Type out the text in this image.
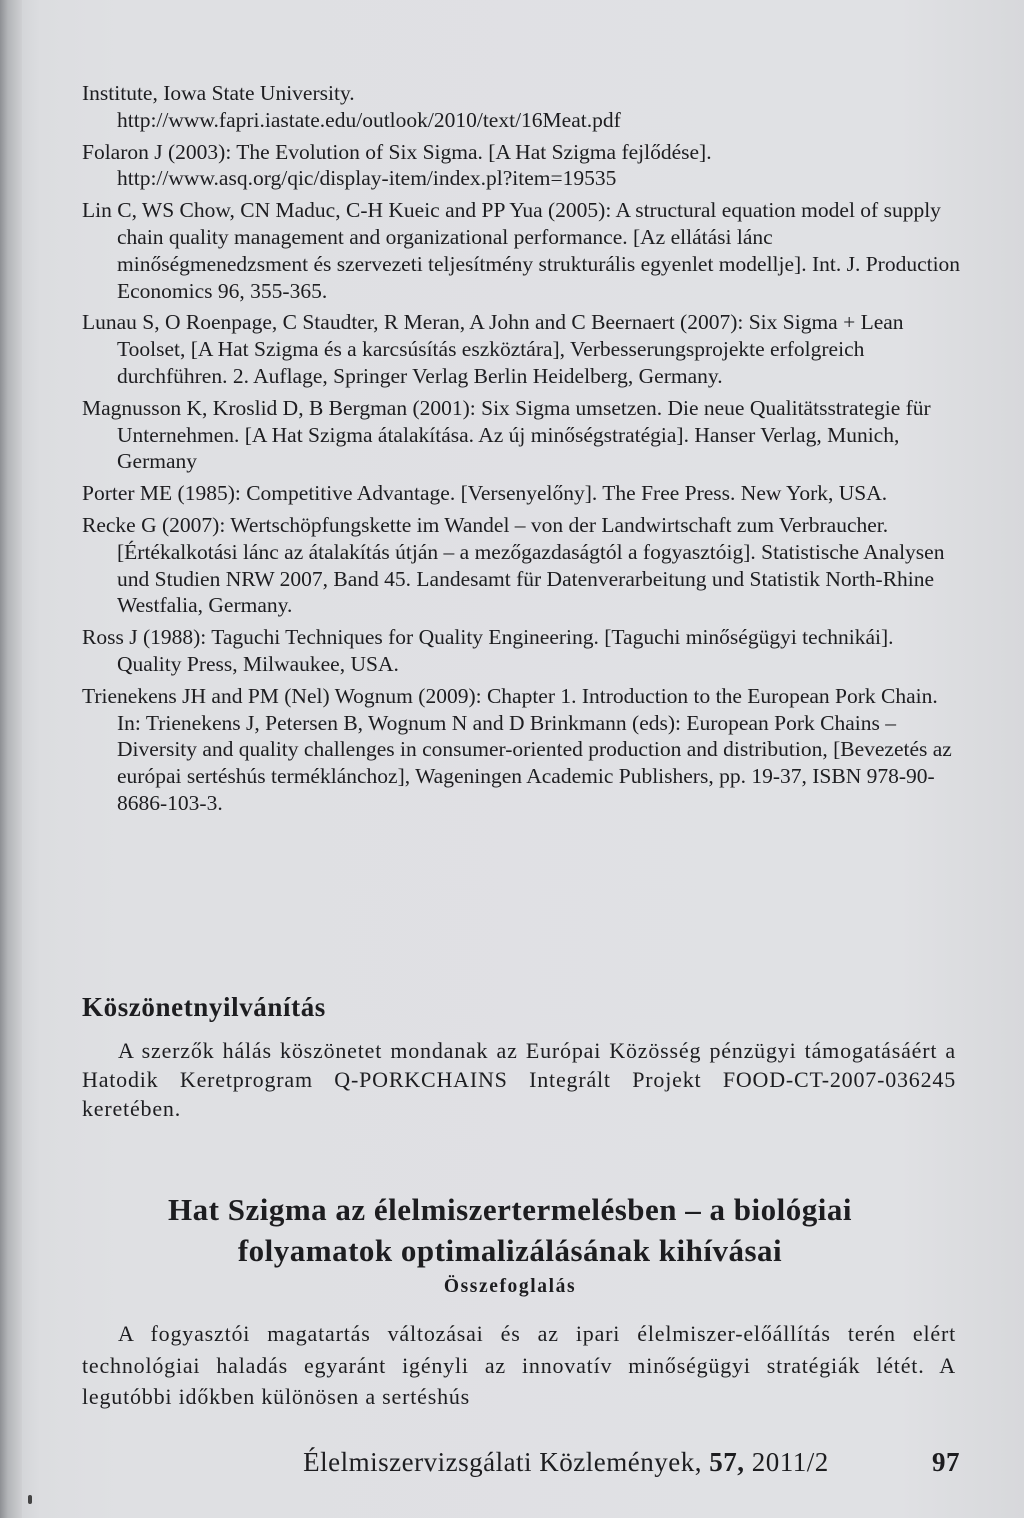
Institute, Iowa State University.
http://www.fapri.iastate.edu/outlook/2010/text/16Meat.pdf

Folaron J (2003): The Evolution of Six Sigma. [A Hat Szigma fejlődése].
http://www.asq.org/qic/display-item/index.pl?item=19535

Lin C, WS Chow, CN Maduc, C-H Kueic and PP Yua (2005): A structural equation model of supply chain quality management and organizational performance. [Az ellátási lánc minőségmenedzsment és szervezeti teljesítmény strukturális egyenlet modellje]. Int. J. Production Economics 96, 355-365.

Lunau S, O Roenpage, C Staudter, R Meran, A John and C Beernaert (2007): Six Sigma + Lean Toolset, [A Hat Szigma és a karcsúsítás eszköztára], Verbesserungsprojekte erfolgreich durchführen. 2. Auflage, Springer Verlag Berlin Heidelberg, Germany.

Magnusson K, Kroslid D, B Bergman (2001): Six Sigma umsetzen. Die neue Qualitätsstrategie für Unternehmen. [A Hat Szigma átalakítása. Az új minőségstratégia]. Hanser Verlag, Munich, Germany

Porter ME (1985): Competitive Advantage. [Versenyelőny]. The Free Press. New York, USA.

Recke G (2007): Wertschöpfungskette im Wandel – von der Landwirtschaft zum Verbraucher. [Értékalkotási lánc az átalakítás útján – a mezőgazdaságtól a fogyasztóig]. Statistische Analysen und Studien NRW 2007, Band 45. Landesamt für Datenverarbeitung und Statistik North-Rhine Westfalia, Germany.

Ross J (1988): Taguchi Techniques for Quality Engineering. [Taguchi minőségügyi technikái]. Quality Press, Milwaukee, USA.

Trienekens JH and PM (Nel) Wognum (2009): Chapter 1. Introduction to the European Pork Chain. In: Trienekens J, Petersen B, Wognum N and D Brinkmann (eds): European Pork Chains – Diversity and quality challenges in consumer-oriented production and distribution, [Bevezetés az európai sertéshús terméklánchoz], Wageningen Academic Publishers, pp. 19-37, ISBN 978-90-8686-103-3.

Köszönetnyilvánítás
A szerzők hálás köszönetet mondanak az Európai Közösség pénzügyi támogatásáért a Hatodik Keretprogram Q-PORKCHAINS Integrált Projekt FOOD-CT-2007-036245 keretében.
Hat Szigma az élelmiszertermelésben – a biológiai
folyamatok optimalizálásának kihívásai
Összefoglalás
A fogyasztói magatartás változásai és az ipari élelmiszer-előállítás terén elért technológiai haladás egyaránt igényli az innovatív minőségügyi stratégiák létét. A legutóbbi időkben különösen a sertéshús
Élelmiszervizsgálati Közlemények, 57, 2011/2	97
